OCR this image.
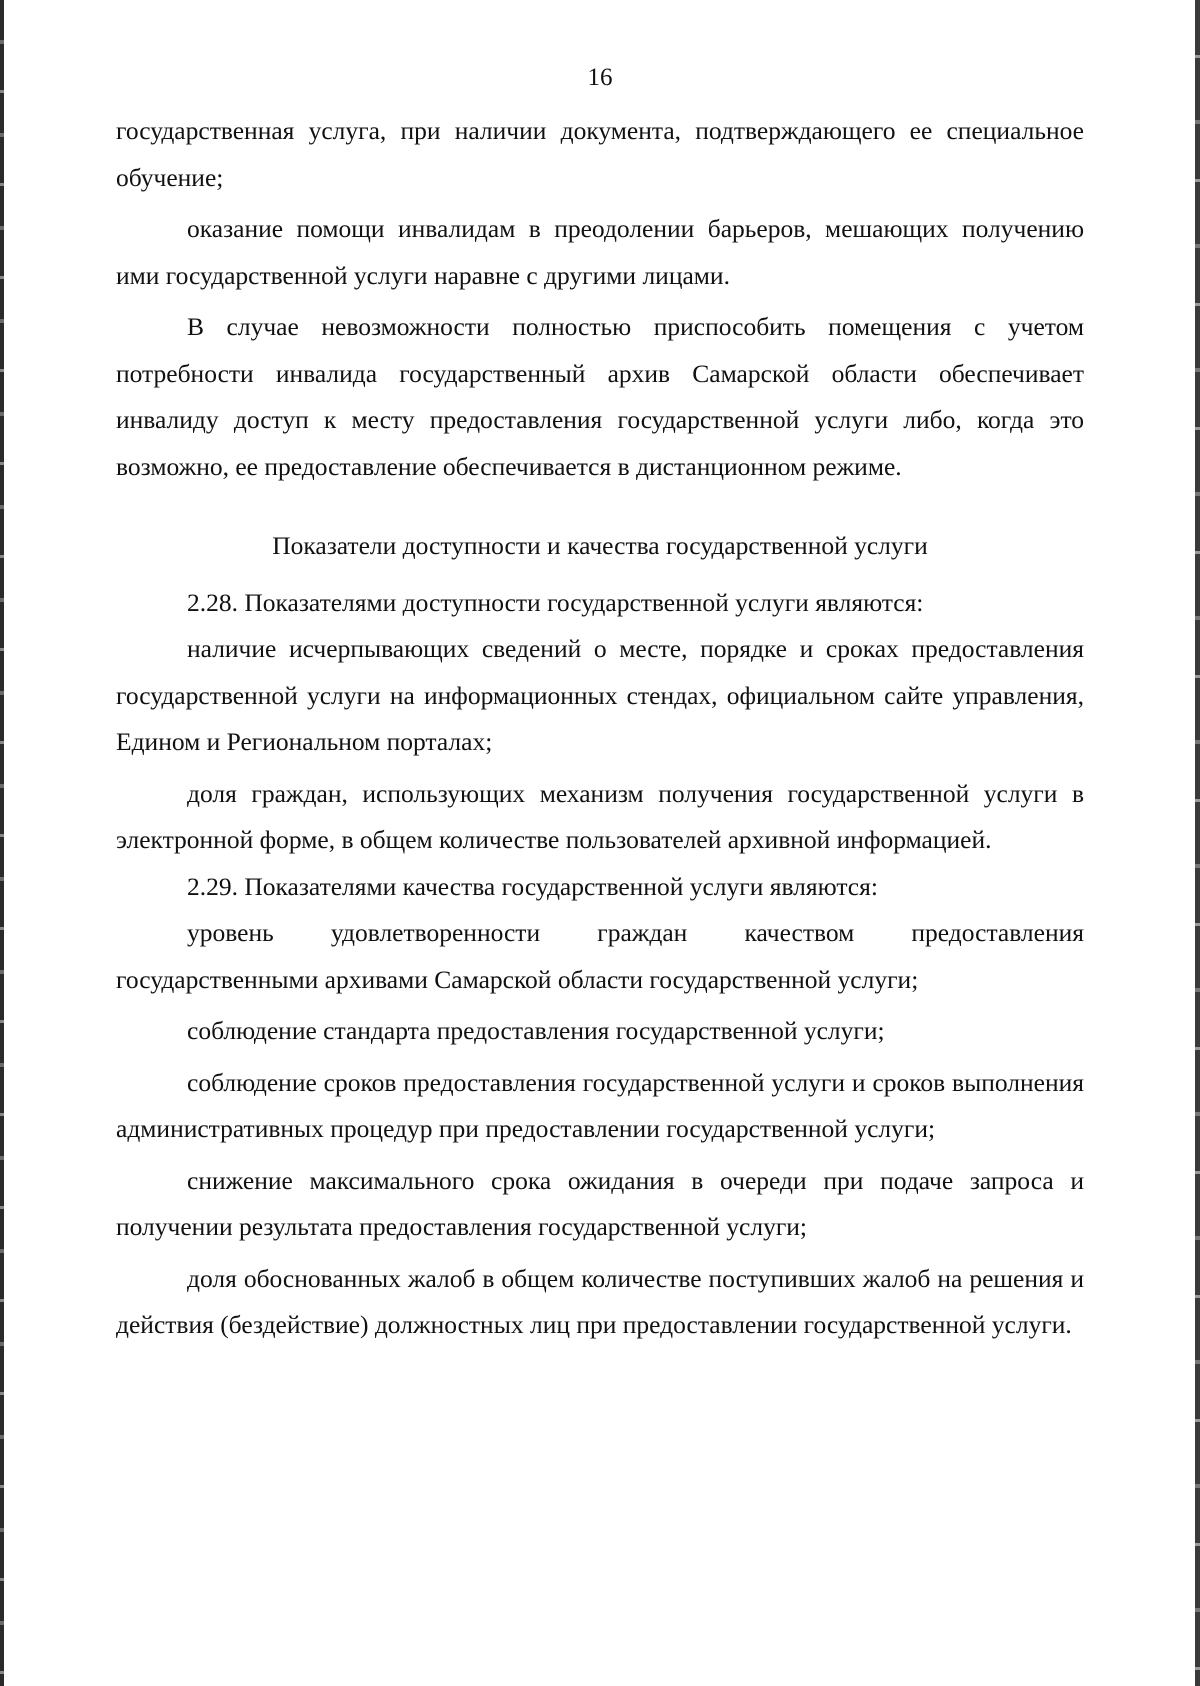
16

государственная услуга, при наличии документа, подтверждающего ее специальное обучение;

оказание помощи инвалидам в преодолении барьеров, мешающих получению ими государственной услуги наравне с другими лицами.

В случае невозможности полностью приспособить помещения с учетом потребности инвалида государственный архив Самарской области обеспечивает инвалиду доступ к месту предоставления государственной услуги либо, когда это возможно, ее предоставление обеспечивается в дистанционном режиме.

Показатели доступности и качества государственной услуги

2.28. Показателями доступности государственной услуги являются:

наличие исчерпывающих сведений о месте, порядке и сроках предоставления государственной услуги на информационных стендах, официальном сайте управления, Едином и Региональном порталах;

доля граждан, использующих механизм получения государственной услуги в электронной форме, в общем количестве пользователей архивной информацией.

2.29. Показателями качества государственной услуги являются:

уровень удовлетворенности граждан качеством предоставления государственными архивами Самарской области государственной услуги;

соблюдение стандарта предоставления государственной услуги;

соблюдение сроков предоставления государственной услуги и сроков выполнения административных процедур при предоставлении государственной услуги;

снижение максимального срока ожидания в очереди при подаче запроса и получении результата предоставления государственной услуги;

доля обоснованных жалоб в общем количестве поступивших жалоб на решения и действия (бездействие) должностных лиц при предоставлении государственной услуги.
